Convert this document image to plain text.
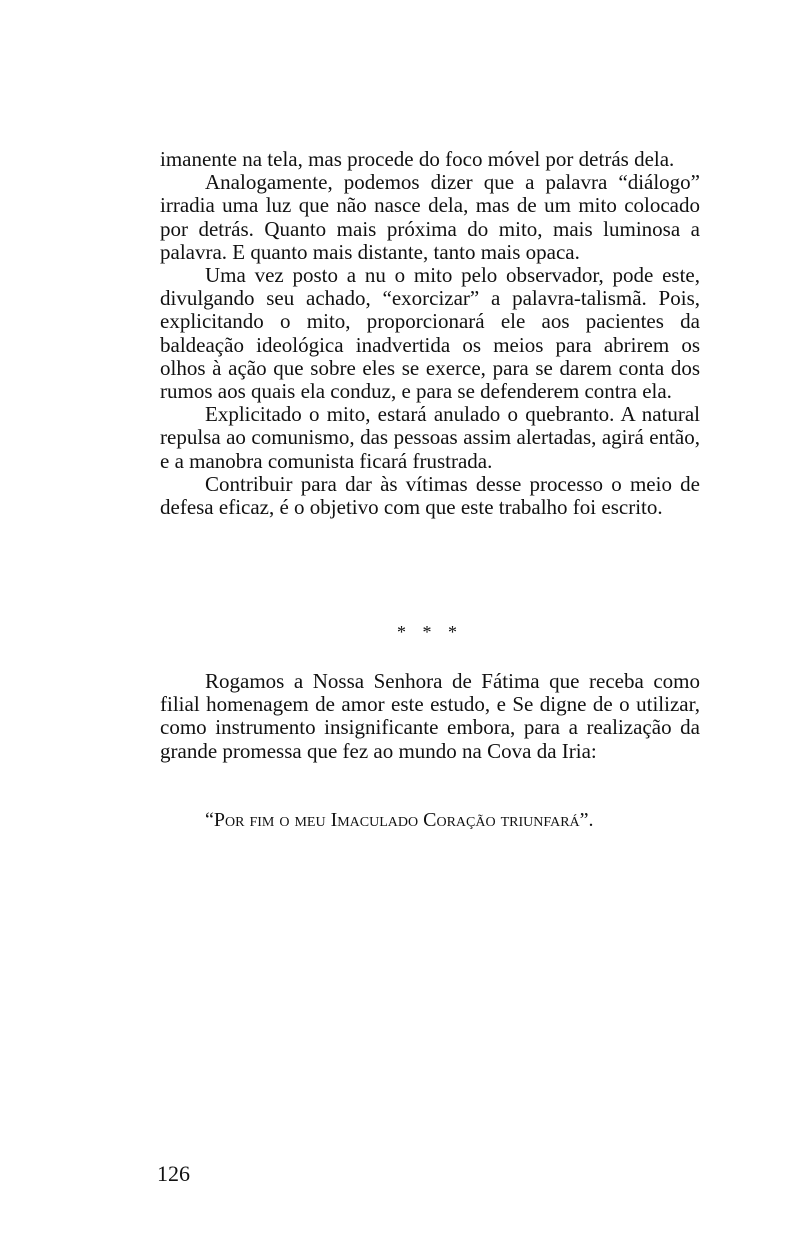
imanente na tela, mas procede do foco móvel por detrás dela.

Analogamente, podemos dizer que a palavra “diálogo” irradia uma luz que não nasce dela, mas de um mito colocado por detrás. Quanto mais próxima do mito, mais luminosa a palavra. E quanto mais distante, tanto mais opaca.

Uma vez posto a nu o mito pelo observador, pode este, divulgando seu achado, “exorcizar” a palavra-talismã. Pois, explicitando o mito, proporcionará ele aos pacientes da baldeação ideológica inadvertida os meios para abrirem os olhos à ação que sobre eles se exerce, para se darem conta dos rumos aos quais ela conduz, e para se defenderem contra ela.

Explicitado o mito, estará anulado o quebranto. A natural repulsa ao comunismo, das pessoas assim alertadas, agirá então, e a manobra comunista ficará frustrada.

Contribuir para dar às vítimas desse processo o meio de defesa eficaz, é o objetivo com que este trabalho foi escrito.

* * *

Rogamos a Nossa Senhora de Fátima que receba como filial homenagem de amor este estudo, e Se digne de o utilizar, como instrumento insignificante embora, para a realização da grande promessa que fez ao mundo na Cova da Iria:

“Por fim o meu Imaculado Coração triunfará”.
126
